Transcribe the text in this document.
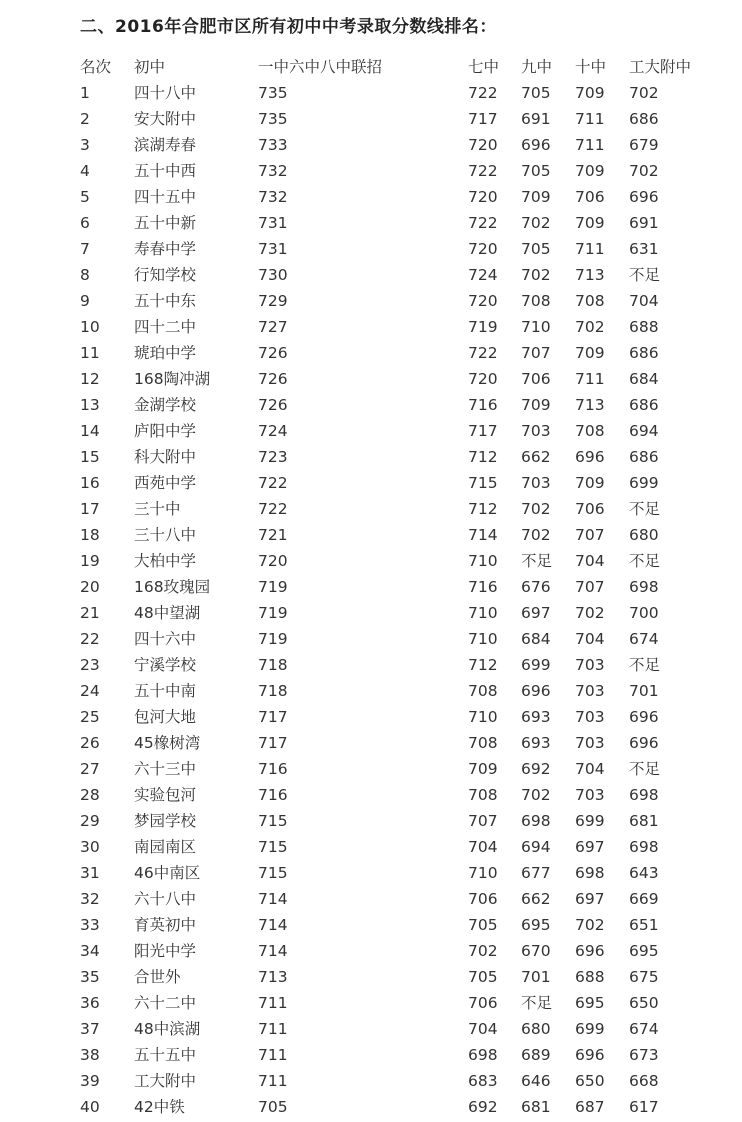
二、2016年合肥市区所有初中中考录取分数线排名：
名次 初中	一中六中八中联招	七中 九中 十中 工大附中
1	四十八中	735	722 705 709 702
2	安大附中	735	717 691 711 686
3	滨湖寿春	733	720 696 711 679
4	五十中西	732	722 705 709 702
5	四十五中	732	720 709 706 696
6	五十中新	731	722 702 709 691
7	寿春中学	731	720 705 711 631
8	行知学校	730	724 702 713 不足
9	五十中东	729	720 708 708 704
10 四十二中	727	719 710 702 688
11 琥珀中学	726	722 707 709 686
12 168陶冲湖	726	720 706 711 684
13 金湖学校	726	716 709 713 686
14 庐阳中学	724	717 703 708 694
15 科大附中	723	712 662 696 686
16 西苑中学	722	715 703 709 699
17 三十中	722	712 702 706 不足
18 三十八中	721	714 702 707 680
19 大柏中学	720	710 不足 704 不足
20 168玫瑰园	719	716 676 707 698
21 48中望湖	719	710 697 702 700
22 四十六中	719	710 684 704 674
23 宁溪学校	718	712 699 703 不足
24 五十中南	718	708 696 703 701
25 包河大地	717	710 693 703 696
26 45橡树湾	717	708 693 703 696
27 六十三中	716	709 692 704 不足
28 实验包河	716	708 702 703 698
29 梦园学校	715	707 698 699 681
30 南园南区	715	704 694 697 698
31 46中南区	715	710 677 698 643
32 六十八中	714	706 662 697 669
33 育英初中	714	705 695 702 651
34 阳光中学	714	702 670 696 695
35 合世外	713	705 701 688 675
36 六十二中	711	706 不足 695 650
37 48中滨湖	711	704 680 699 674
38 五十五中	711	698 689 696 673
39 工大附中	711	683 646 650 668
40 42中铁	705	692 681 687 617
